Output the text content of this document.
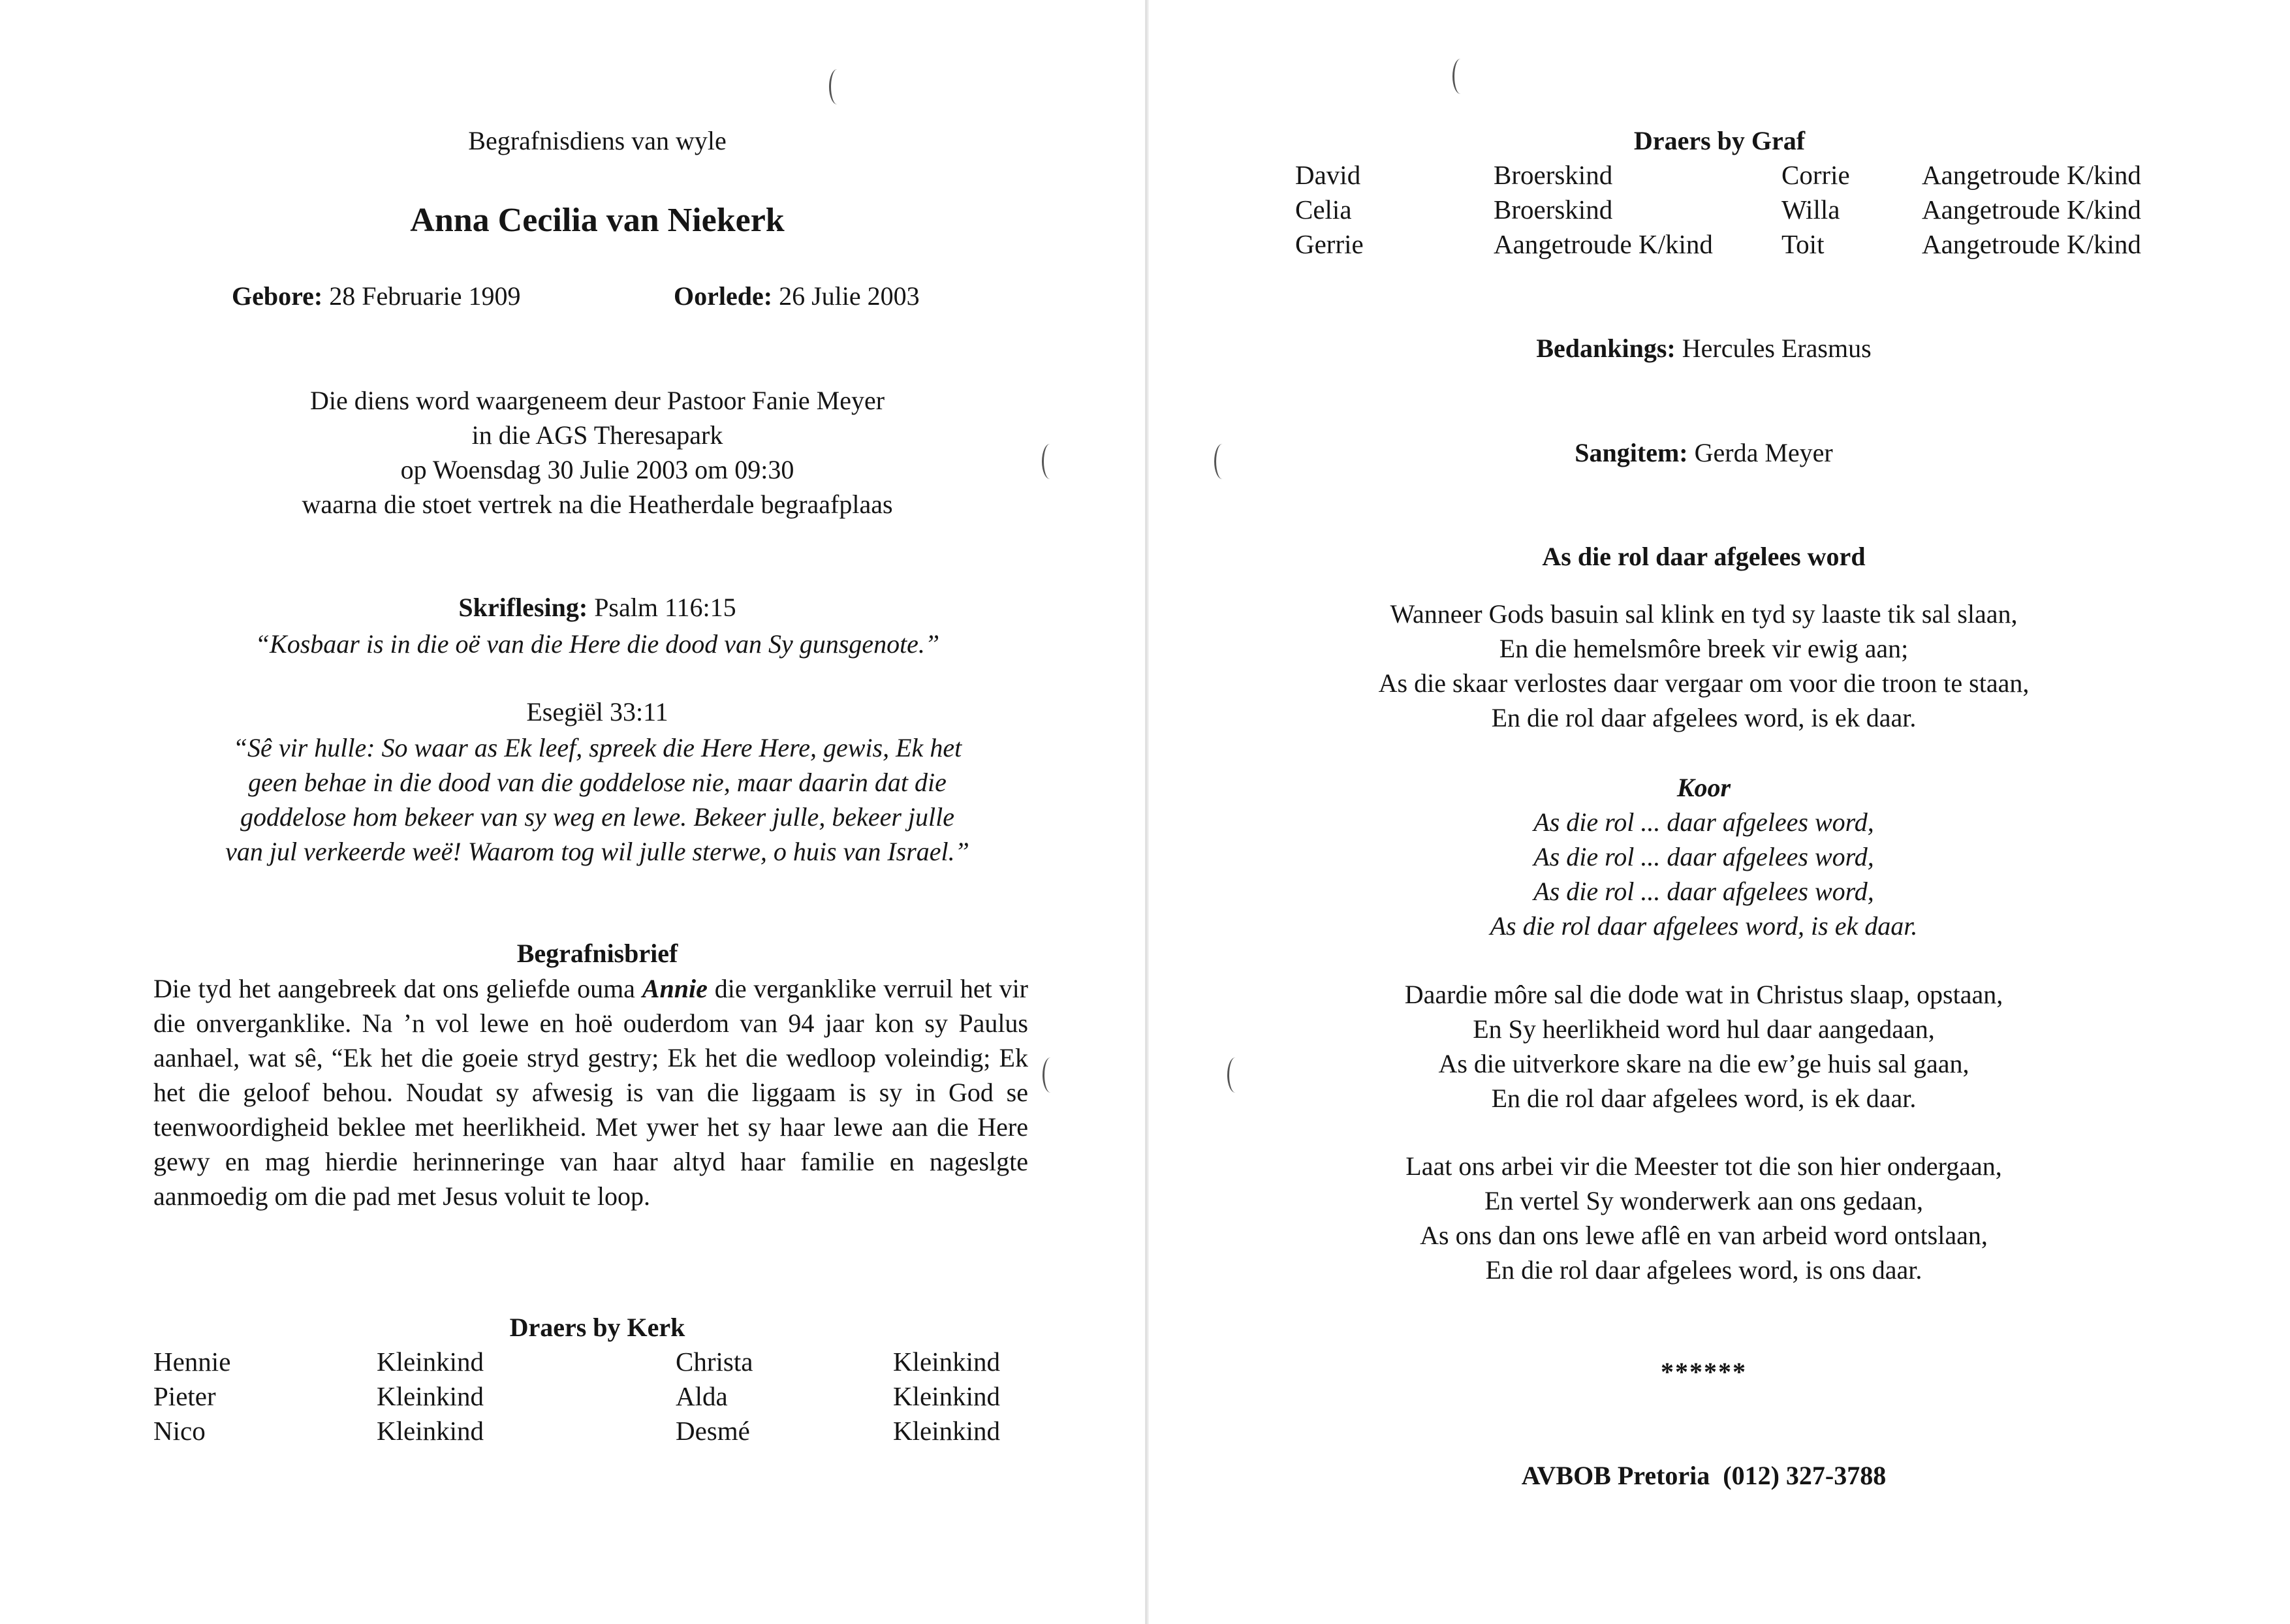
Begrafnisdiens van wyle
Anna Cecilia van Niekerk
Gebore: 28 Februarie 1909	Oorlede: 26 Julie 2003
Die diens word waargeneem deur Pastoor Fanie Meyer
in die AGS Theresapark
op Woensdag 30 Julie 2003 om 09:30
waarna die stoet vertrek na die Heatherdale begraafplaas
Skriflesing: Psalm 116:15
“Kosbaar is in die oë van die Here die dood van Sy gunsgenote.”
Esegiël 33:11
“Sê vir hulle: So waar as Ek leef, spreek die Here Here, gewis, Ek het
geen behae in die dood van die goddelose nie, maar daarin dat die
goddelose hom bekeer van sy weg en lewe. Bekeer julle, bekeer julle
van jul verkeerde weë! Waarom tog wil julle sterwe, o huis van Israel.”
Begrafnisbrief
Die tyd het aangebreek dat ons geliefde ouma Annie die verganklike verruil het vir die onverganklike. Na ’n vol lewe en hoë ouderdom van 94 jaar kon sy Paulus aanhael, wat sê, “Ek het die goeie stryd gestry; Ek het die wedloop voleindig; Ek het die geloof behou. Noudat sy afwesig is van die liggaam is sy in God se teenwoordigheid beklee met heerlikheid. Met ywer het sy haar lewe aan die Here gewy en mag hierdie herinneringe van haar altyd haar familie en nageslgte aanmoedig om die pad met Jesus voluit te loop.
Draers by Kerk
Hennie	Kleinkind	Christa	Kleinkind
Pieter	Kleinkind	Alda	Kleinkind
Nico	Kleinkind	Desmé	Kleinkind
Draers by Graf
David	Broerskind	Corrie	Aangetroude K/kind
Celia	Broerskind	Willa	Aangetroude K/kind
Gerrie	Aangetroude K/kind	Toit	Aangetroude K/kind
Bedankings: Hercules Erasmus
Sangitem: Gerda Meyer
As die rol daar afgelees word
Wanneer Gods basuin sal klink en tyd sy laaste tik sal slaan,
En die hemelsmôre breek vir ewig aan;
As die skaar verlostes daar vergaar om voor die troon te staan,
En die rol daar afgelees word, is ek daar.
Koor
As die rol ... daar afgelees word,
As die rol ... daar afgelees word,
As die rol ... daar afgelees word,
As die rol daar afgelees word, is ek daar.
Daardie môre sal die dode wat in Christus slaap, opstaan,
En Sy heerlikheid word hul daar aangedaan,
As die uitverkore skare na die ew’ge huis sal gaan,
En die rol daar afgelees word, is ek daar.
Laat ons arbei vir die Meester tot die son hier ondergaan,
En vertel Sy wonderwerk aan ons gedaan,
As ons dan ons lewe aflê en van arbeid word ontslaan,
En die rol daar afgelees word, is ons daar.
******
AVBOB Pretoria (012) 327-3788
